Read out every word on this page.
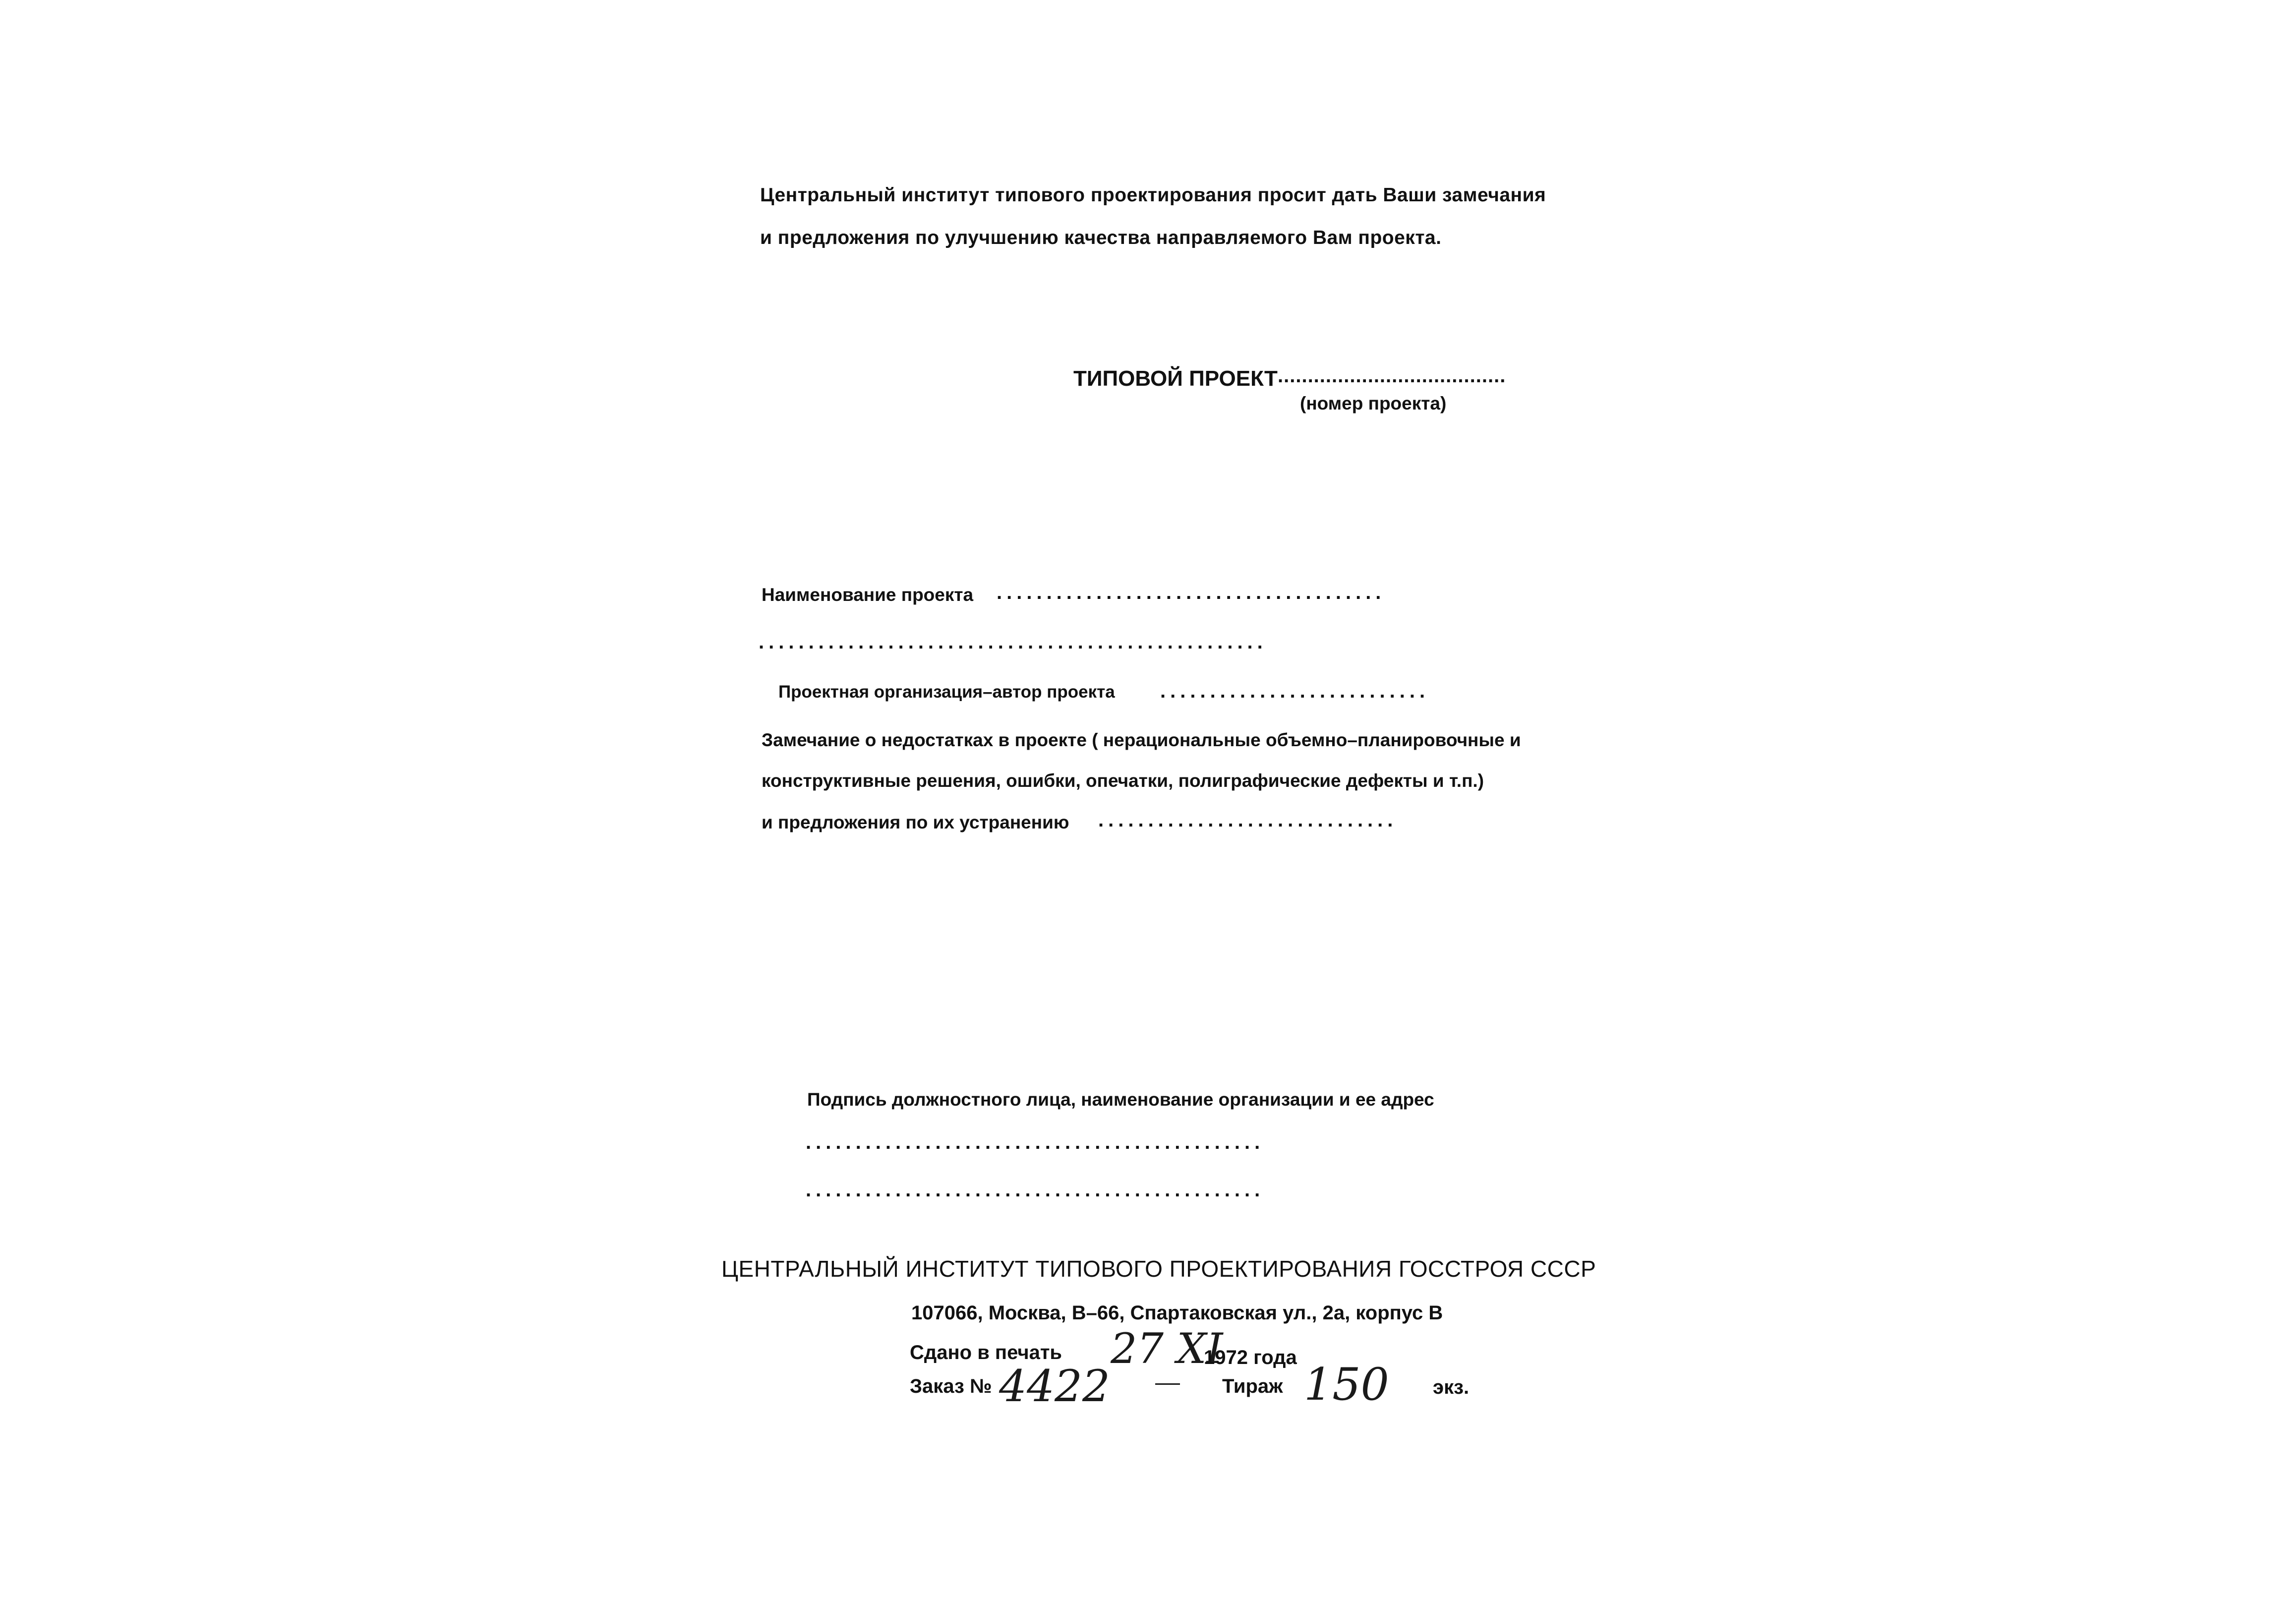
Центральный институт типового проектирования просит дать Ваши замечания
и предложения по улучшению качества направляемого Вам проекта.
ТИПОВОЙ ПРОЕКТ ......................................
(номер проекта)
Наименование проекта .......................................
...................................................
Проектная организация–автор проекта ...........................
Замечание о недостатках в проекте ( нерациональные объемно–планировочные и
конструктивные решения, ошибки, опечатки, полиграфические дефекты и т.п.)
и предложения по их устранению ..............................
Подпись должностного лица, наименование организации и ее адрес
..............................................
..............................................
ЦЕНТРАЛЬНЫЙ ИНСТИТУТ ТИПОВОГО ПРОЕКТИРОВАНИЯ ГОССТРОЯ СССР
107066, Москва, В–66, Спартаковская ул., 2а, корпус В
Сдано в печать 27 XI
1972 года
Заказ № 4422	Тираж 150 экз.
